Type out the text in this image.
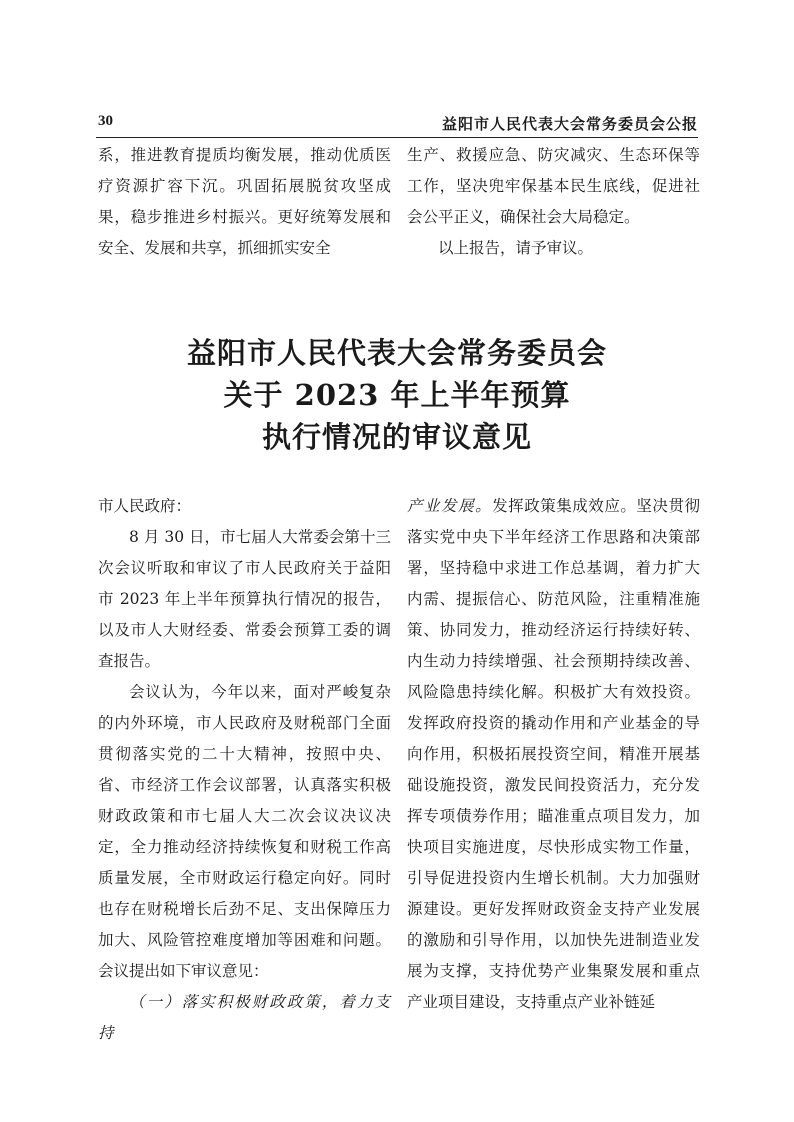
30	益阳市人民代表大会常务委员会公报

系，推进教育提质均衡发展，推动优质医疗资源扩容下沉。巩固拓展脱贫攻坚成果，稳步推进乡村振兴。更好统筹发展和安全、发展和共享，抓细抓实安全

生产、救援应急、防灾减灾、生态环保等工作，坚决兜牢保基本民生底线，促进社会公平正义，确保社会大局稳定。

以上报告，请予审议。

益阳市人民代表大会常务委员会
关于 2023 年上半年预算
执行情况的审议意见

市人民政府：

8 月 30 日，市七届人大常委会第十三次会议听取和审议了市人民政府关于益阳市 2023 年上半年预算执行情况的报告，以及市人大财经委、常委会预算工委的调查报告。

会议认为，今年以来，面对严峻复杂的内外环境，市人民政府及财税部门全面贯彻落实党的二十大精神，按照中央、省、市经济工作会议部署，认真落实积极财政政策和市七届人大二次会议决议决定，全力推动经济持续恢复和财税工作高质量发展，全市财政运行稳定向好。同时也存在财税增长后劲不足、支出保障压力加大、风险管控难度增加等困难和问题。会议提出如下审议意见：

（一）落实积极财政政策，着力支持

产业发展。发挥政策集成效应。坚决贯彻落实党中央下半年经济工作思路和决策部署，坚持稳中求进工作总基调，着力扩大内需、提振信心、防范风险，注重精准施策、协同发力，推动经济运行持续好转、内生动力持续增强、社会预期持续改善、风险隐患持续化解。积极扩大有效投资。发挥政府投资的撬动作用和产业基金的导向作用，积极拓展投资空间，精准开展基础设施投资，激发民间投资活力，充分发挥专项债券作用；瞄准重点项目发力，加快项目实施进度，尽快形成实物工作量，引导促进投资内生增长机制。大力加强财源建设。更好发挥财政资金支持产业发展的激励和引导作用，以加快先进制造业发展为支撑，支持优势产业集聚发展和重点产业项目建设，支持重点产业补链延
